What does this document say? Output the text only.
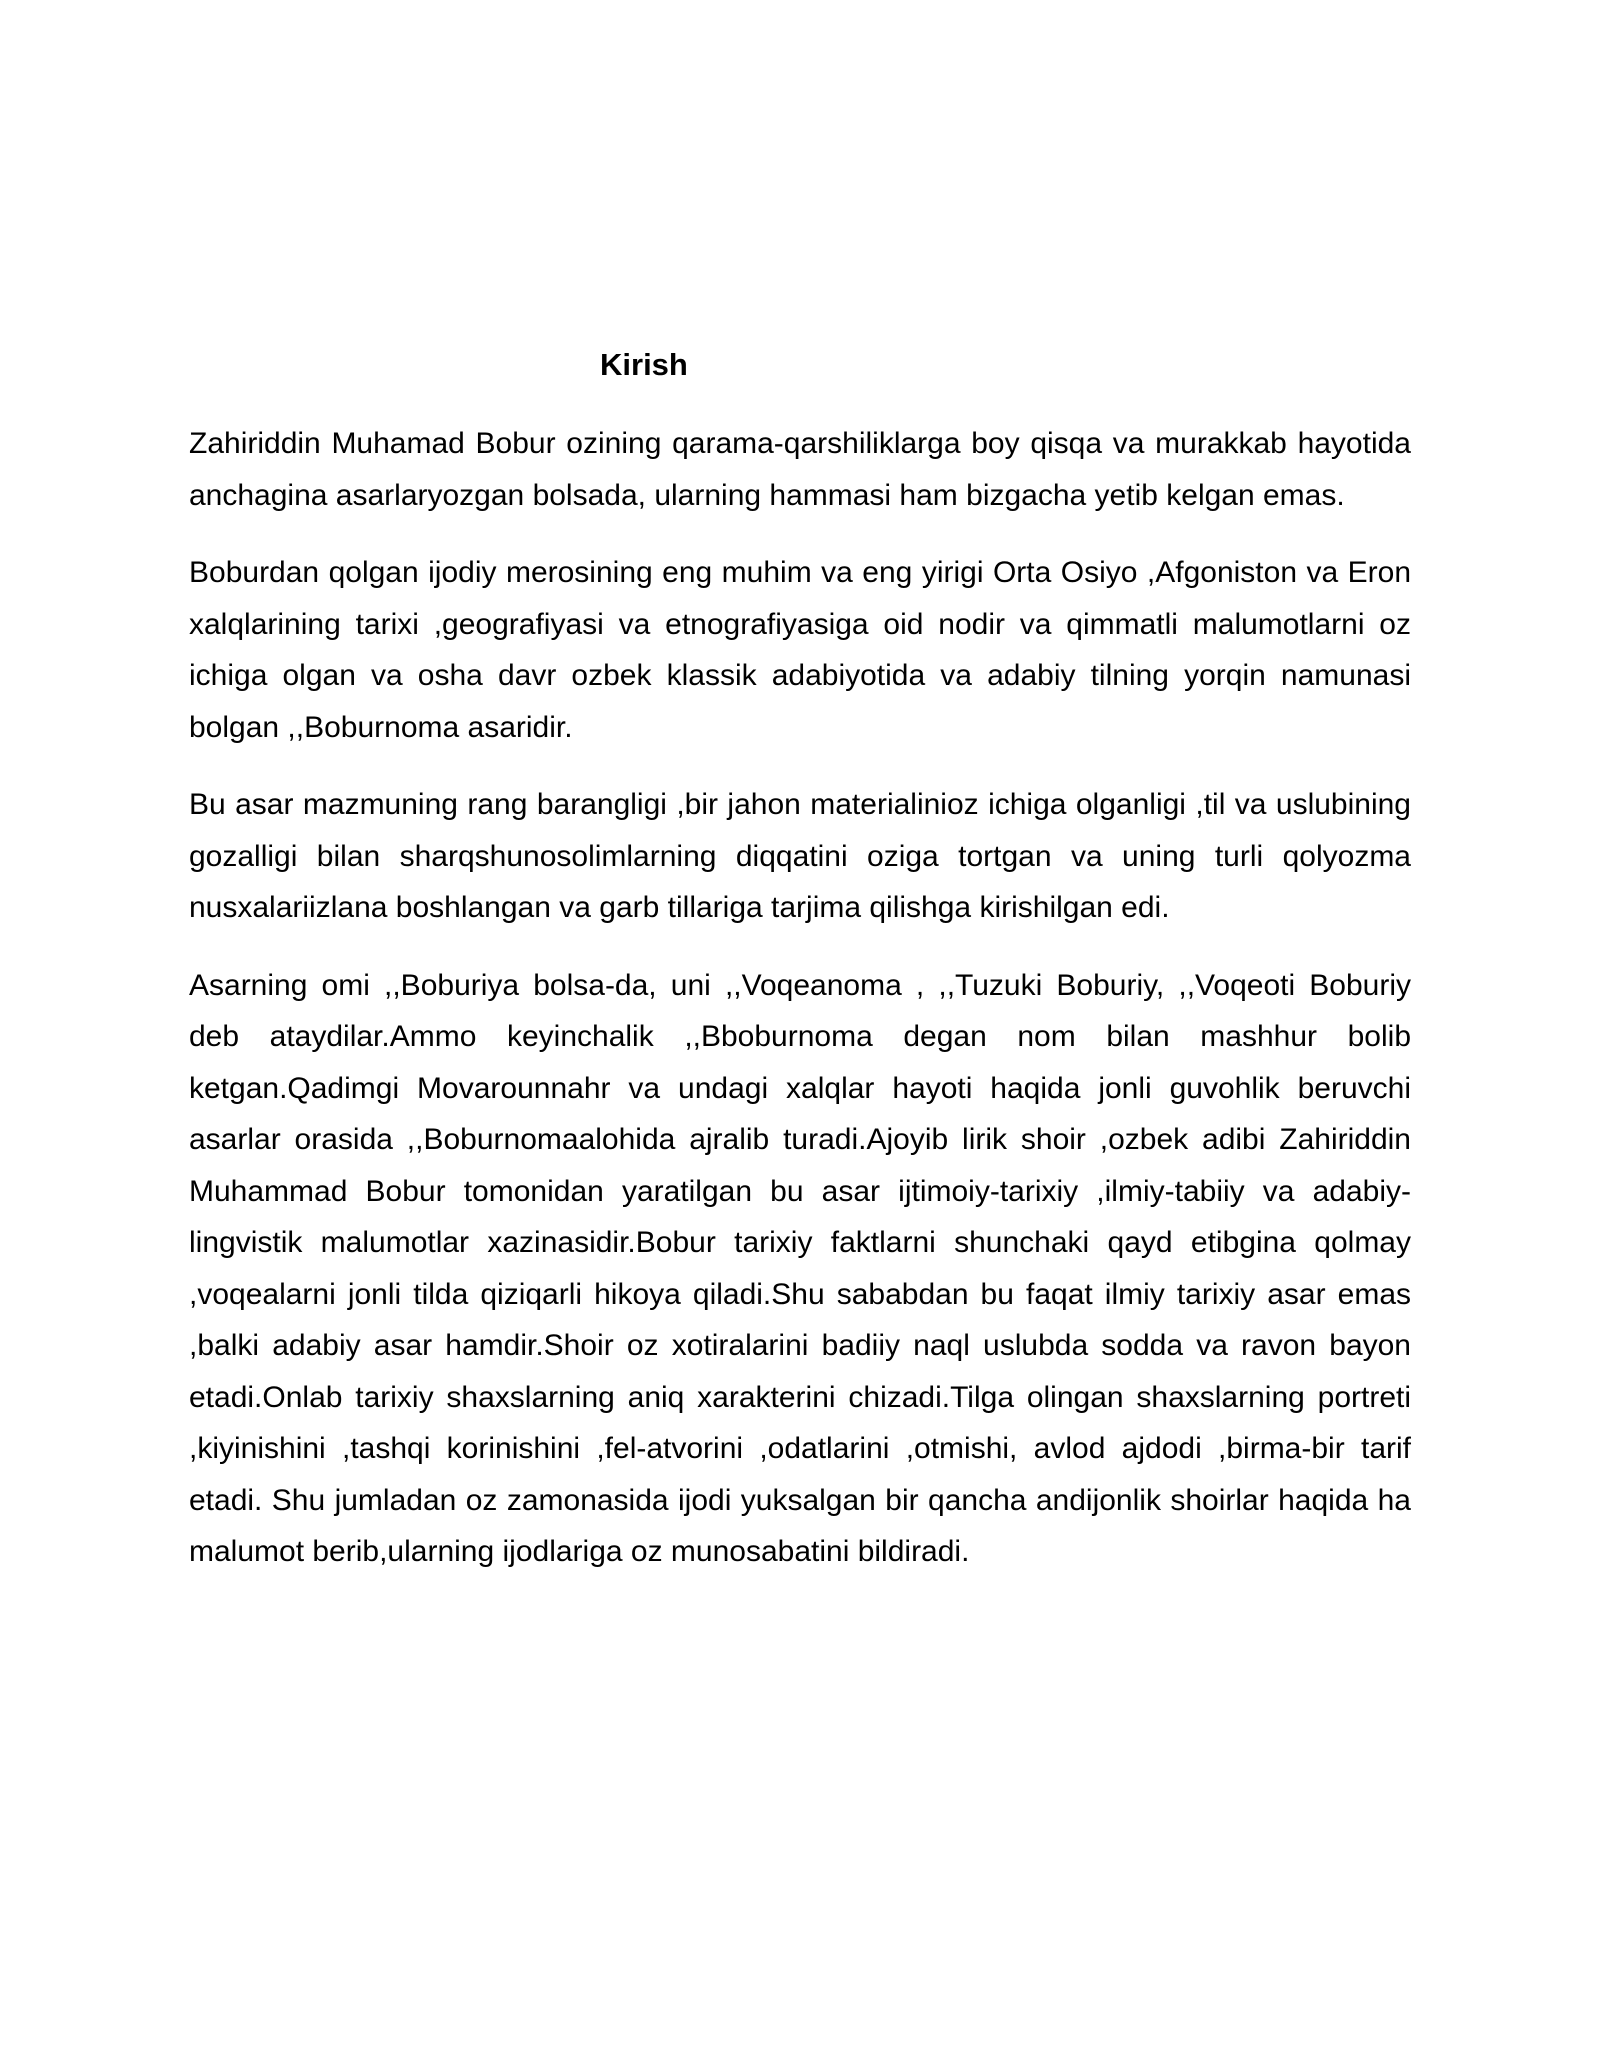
Kirish

Zahiriddin Muhamad Bobur ozining qarama-qarshiliklarga boy qisqa va murakkab hayotida anchagina asarlaryozgan bolsada, ularning hammasi ham bizgacha yetib kelgan emas.

Boburdan qolgan ijodiy merosining eng muhim va eng yirigi Orta Osiyo ,Afgoniston va Eron xalqlarining tarixi ,geografiyasi va etnografiyasiga oid nodir va qimmatli malumotlarni oz ichiga olgan va osha davr ozbek klassik adabiyotida va adabiy tilning yorqin namunasi bolgan ,,Boburnoma asaridir.

Bu asar mazmuning rang barangligi ,bir jahon materialinioz ichiga olganligi ,til va uslubining gozalligi bilan sharqshunosolimlarning diqqatini oziga tortgan va uning turli qolyozma nusxalariizlana boshlangan va garb tillariga tarjima qilishga kirishilgan edi.

Asarning omi ,,Boburiya bolsa-da, uni ,,Voqeanoma , ,,Tuzuki Boburiy, ,,Voqeoti Boburiy deb ataydilar.Ammo keyinchalik ,,Bboburnoma degan nom bilan mashhur bolib ketgan.Qadimgi Movarounnahr va undagi xalqlar hayoti haqida jonli guvohlik beruvchi asarlar orasida ,,Boburnomaalohida ajralib turadi.Ajoyib lirik shoir ,ozbek adibi Zahiriddin Muhammad Bobur tomonidan yaratilgan bu asar ijtimoiy-tarixiy ,ilmiy-tabiiy va adabiy-lingvistik malumotlar xazinasidir.Bobur tarixiy faktlarni shunchaki qayd etibgina qolmay ,voqealarni jonli tilda qiziqarli hikoya qiladi.Shu sababdan bu faqat ilmiy tarixiy asar emas ,balki adabiy asar hamdir.Shoir oz xotiralarini badiiy naql uslubda sodda va ravon bayon etadi.Onlab tarixiy shaxslarning aniq xarakterini chizadi.Tilga olingan shaxslarning portreti ,kiyinishini ,tashqi korinishini ,fel-atvorini ,odatlarini ,otmishi, avlod ajdodi ,birma-bir tarif etadi. Shu jumladan oz zamonasida ijodi yuksalgan bir qancha andijonlik shoirlar haqida ha malumot berib,ularning ijodlariga oz munosabatini bildiradi.
